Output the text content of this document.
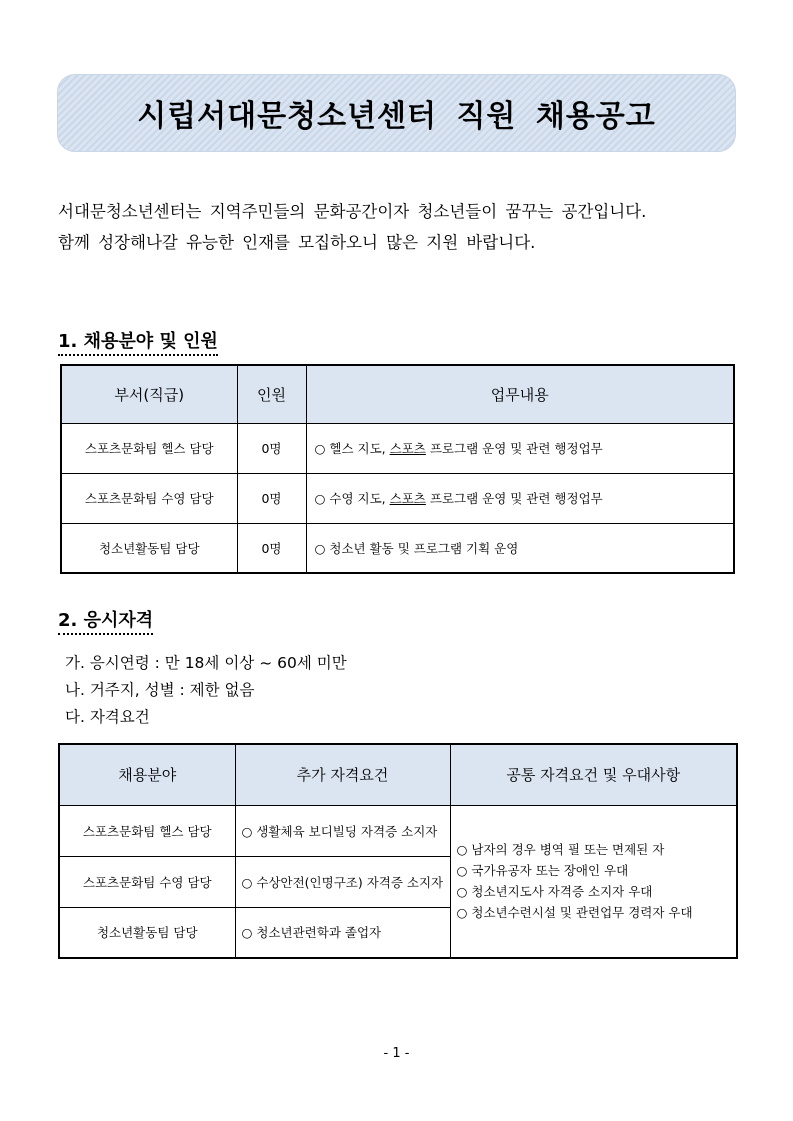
시립서대문청소년센터 직원 채용공고

서대문청소년센터는 지역주민들의 문화공간이자 청소년들이 꿈꾸는 공간입니다.

함께 성장해나갈 유능한 인재를 모집하오니 많은 지원 바랍니다.

1. 채용분야 및 인원
부서(직급)	인원	업무내용
스포츠문화팀 헬스 담당	0명	○ 헬스 지도, 스포츠 프로그램 운영 및 관련 행정업무
스포츠문화팀 수영 담당	0명	○ 수영 지도, 스포츠 프로그램 운영 및 관련 행정업무
청소년활동팀 담당	0명	○ 청소년 활동 및 프로그램 기획 운영
2. 응시자격
가. 응시연령 : 만 18세 이상 ~ 60세 미만
나. 거주지, 성별 : 제한 없음
다. 자격요건
채용분야	추가 자격요건	공통 자격요건 및 우대사항
스포츠문화팀 헬스 담당	○ 생활체육 보디빌딩 자격증 소지자	○ 남자의 경우 병역 필 또는 면제된 자
○ 국가유공자 또는 장애인 우대
○ 청소년지도사 자격증 소지자 우대
○ 청소년수련시설 및 관련업무 경력자 우대

스포츠문화팀 수영 담당	○ 수상안전(인명구조) 자격증 소지자	
청소년활동팀 담당	○ 청소년관련학과 졸업자	
- 1 -
